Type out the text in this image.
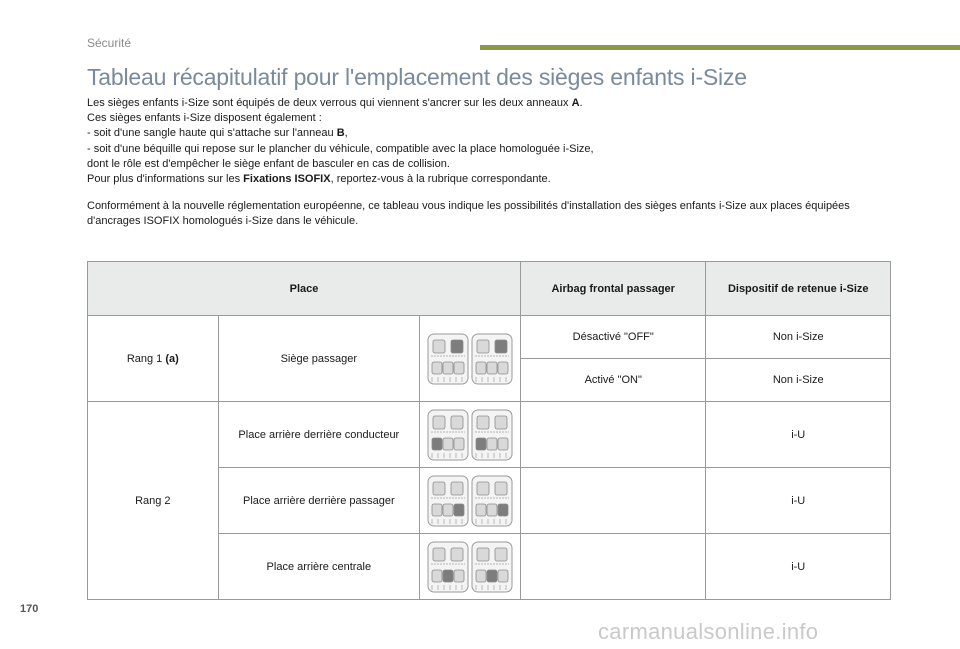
Sécurité
Tableau récapitulatif pour l'emplacement des sièges enfants i-Size

Les sièges enfants i-Size sont équipés de deux verrous qui viennent s'ancrer sur les deux anneaux A.

Ces sièges enfants i-Size disposent également :

- soit d'une sangle haute qui s'attache sur l'anneau B,

- soit d'une béquille qui repose sur le plancher du véhicule, compatible avec la place homologuée i-Size,

dont le rôle est d'empêcher le siège enfant de basculer en cas de collision.

Pour plus d'informations sur les Fixations ISOFIX, reportez-vous à la rubrique correspondante.

Conformément à la nouvelle réglementation européenne, ce tableau vous indique les possibilités d'installation des sièges enfants i-Size aux places équipées d'ancrages ISOFIX homologués i-Size dans le véhicule.

Place			Airbag frontal passager	Dispositif de retenue i-Size
Rang 1 (a)	Siège passager		Désactivé "OFF"	Non i-Size
			Activé "ON"	Non i-Size
Rang 2	Place arrière derrière conducteur			i-U
	Place arrière derrière passager			i-U
	Place arrière centrale			i-U
170
carmanualsonline.info
